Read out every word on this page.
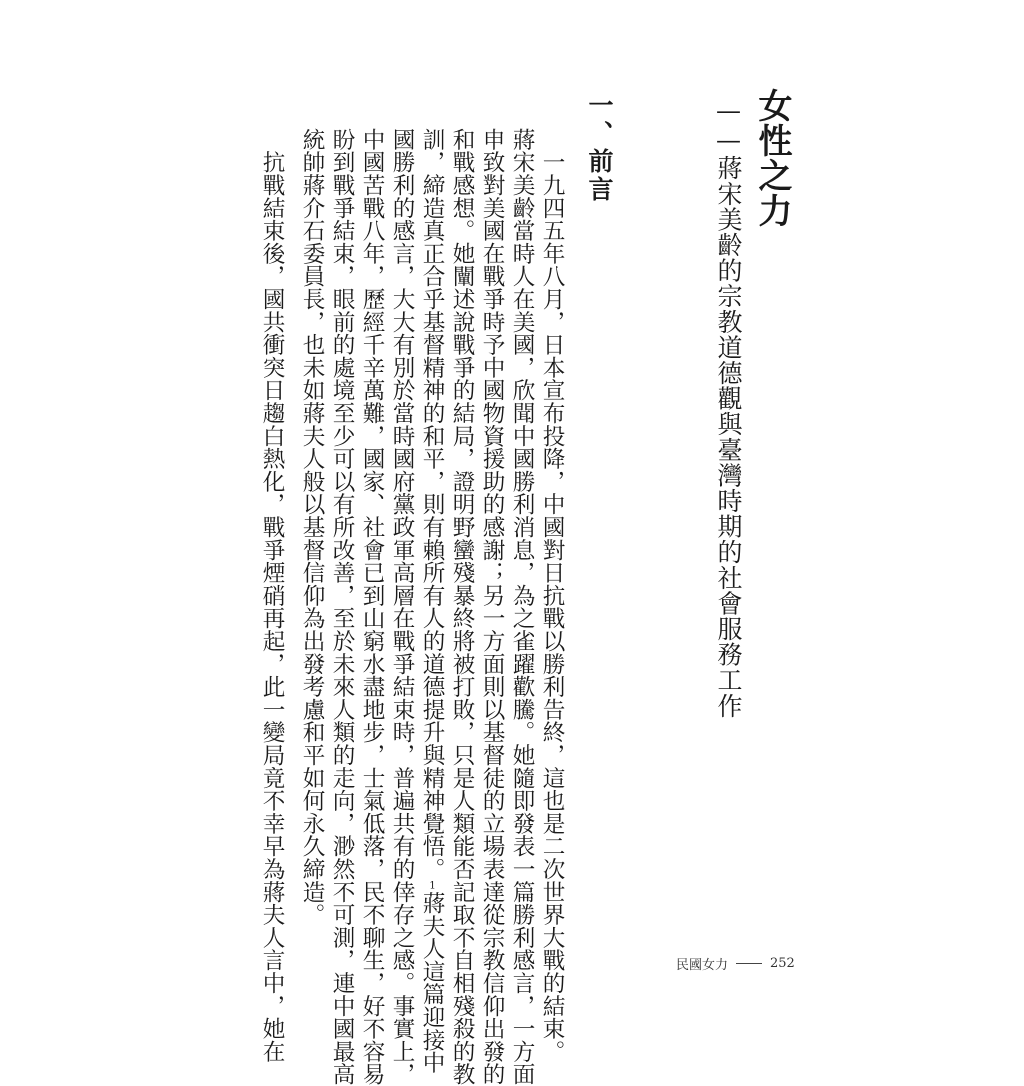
女性之力
——蔣宋美齡的宗教道德觀與臺灣時期的社會服務工作
一、前言
　一九四五年八月，日本宣布投降，中國對日抗戰以勝利告終，這也是二次世界大戰的結束。
蔣宋美齡當時人在美國，欣聞中國勝利消息，為之雀躍歡騰。她隨即發表一篇勝利感言，一方面
申致對美國在戰爭時予中國物資援助的感謝；另一方面則以基督徒的立場表達從宗教信仰出發的
和戰感想。她闡述說戰爭的結局，證明野蠻殘暴終將被打敗，只是人類能否記取不自相殘殺的教
訓，締造真正合乎基督精神的和平，則有賴所有人的道德提升與精神覺悟。1蔣夫人這篇迎接中
國勝利的感言，大大有別於當時國府黨政軍高層在戰爭結束時，普遍共有的倖存之感。事實上，
中國苦戰八年，歷經千辛萬難，國家、社會已到山窮水盡地步，士氣低落，民不聊生，好不容易
盼到戰爭結束，眼前的處境至少可以有所改善，至於未來人類的走向，渺然不可測，連中國最高
統帥蔣介石委員長，也未如蔣夫人般以基督信仰為出發考慮和平如何永久締造。
　抗戰結束後，國共衝突日趨白熱化，戰爭煙硝再起，此一變局竟不幸早為蔣夫人言中，她在	民國女力	252
